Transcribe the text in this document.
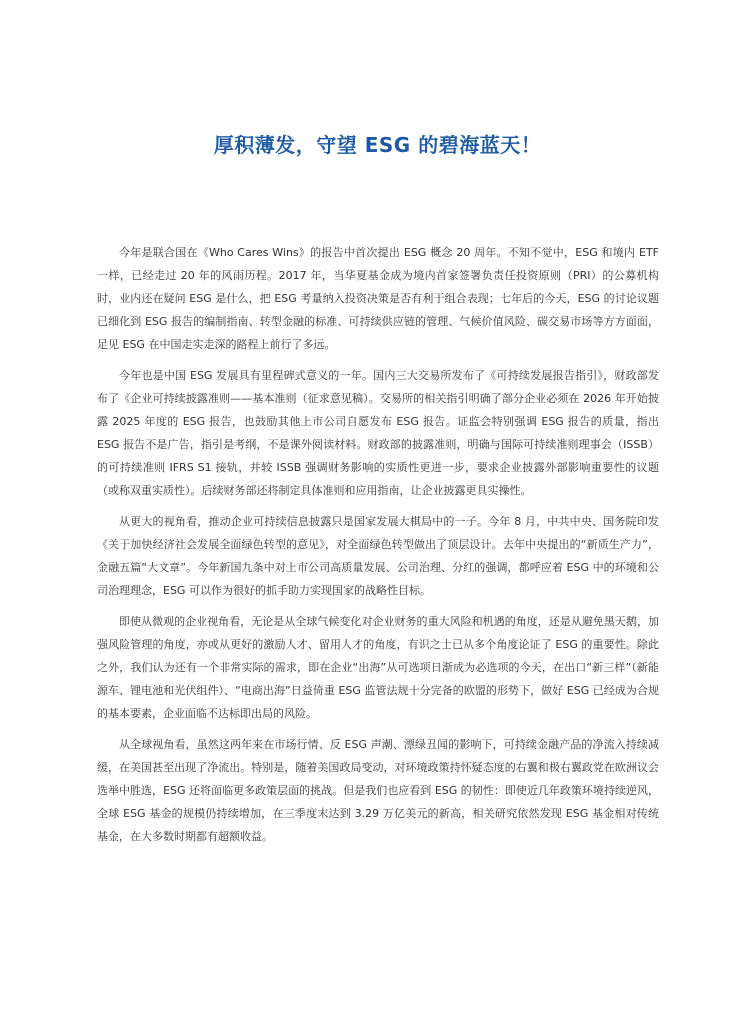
厚积薄发，守望 ESG 的碧海蓝天！

今年是联合国在《Who Cares Wins》的报告中首次提出 ESG 概念 20 周年。不知不觉中，ESG 和境内 ETF 一样，已经走过 20 年的风雨历程。2017 年，当华夏基金成为境内首家签署负责任投资原则（PRI）的公募机构时，业内还在疑问 ESG 是什么，把 ESG 考量纳入投资决策是否有利于组合表现；七年后的今天，ESG 的讨论议题已细化到 ESG 报告的编制指南、转型金融的标准、可持续供应链的管理、气候价值风险、碳交易市场等方方面面，足见 ESG 在中国走实走深的路程上前行了多远。

今年也是中国 ESG 发展具有里程碑式意义的一年。国内三大交易所发布了《可持续发展报告指引》，财政部发布了《企业可持续披露准则——基本准则（征求意见稿）。交易所的相关指引明确了部分企业必须在 2026 年开始披露 2025 年度的 ESG 报告，也鼓励其他上市公司自愿发布 ESG 报告。证监会特别强调 ESG 报告的质量，指出 ESG 报告不是广告，指引是考纲，不是课外阅读材料。财政部的披露准则，明确与国际可持续准则理事会（ISSB）的可持续准则 IFRS S1 接轨，并较 ISSB 强调财务影响的实质性更进一步，要求企业披露外部影响重要性的议题（或称双重实质性）。后续财务部还将制定具体准则和应用指南，让企业披露更具实操性。

从更大的视角看，推动企业可持续信息披露只是国家发展大棋局中的一子。今年 8 月，中共中央、国务院印发《关于加快经济社会发展全面绿色转型的意见》，对全面绿色转型做出了顶层设计。去年中央提出的“新质生产力”，金融五篇“大文章”。今年新国九条中对上市公司高质量发展、公司治理、分红的强调，都呼应着 ESG 中的环境和公司治理理念，ESG 可以作为很好的抓手助力实现国家的战略性目标。

即使从微观的企业视角看，无论是从全球气候变化对企业财务的重大风险和机遇的角度，还是从避免黑天鹅，加强风险管理的角度，亦或从更好的激励人才、留用人才的角度，有识之士已从多个角度论证了 ESG 的重要性。除此之外，我们认为还有一个非常实际的需求，即在企业“出海”从可选项日渐成为必选项的今天，在出口“新三样”（新能源车、锂电池和光伏组件）、“电商出海”日益倚重 ESG 监管法规十分完备的欧盟的形势下，做好 ESG 已经成为合规的基本要素，企业面临不达标即出局的风险。

从全球视角看，虽然这两年来在市场行情、反 ESG 声潮、漂绿丑闻的影响下，可持续金融产品的净流入持续减缓，在美国甚至出现了净流出。特别是，随着美国政局变动，对环境政策持怀疑态度的右翼和极右翼政党在欧洲议会选举中胜选，ESG 还将面临更多政策层面的挑战。但是我们也应看到 ESG 的韧性：即使近几年政策环境持续逆风，全球 ESG 基金的规模仍持续增加，在三季度末达到 3.29 万亿美元的新高，相关研究依然发现 ESG 基金相对传统基金，在大多数时期都有超额收益。
